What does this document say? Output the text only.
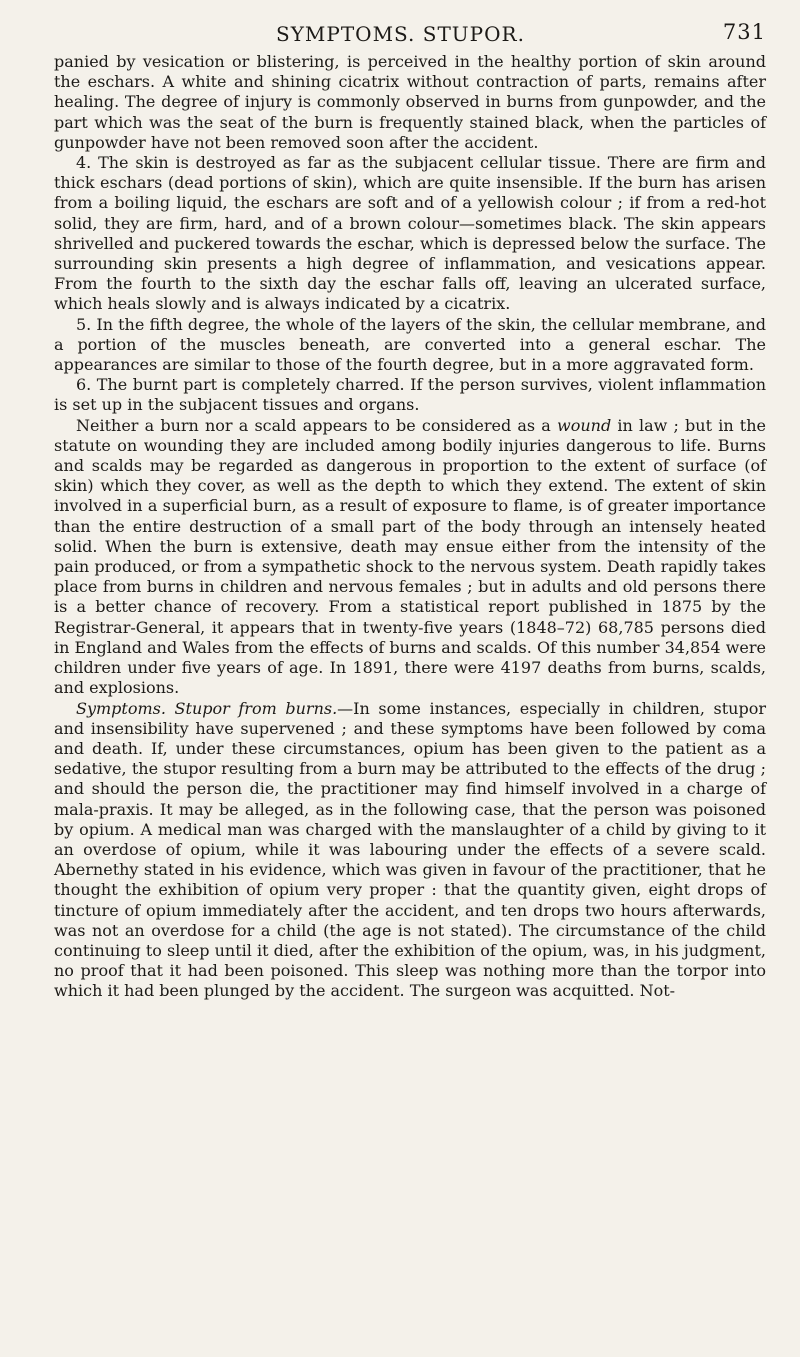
SYMPTOMS. STUPOR.	731

panied by vesication or blistering, is perceived in the healthy portion of skin around the eschars. A white and shining cicatrix without contraction of parts, remains after healing. The degree of injury is commonly observed in burns from gunpowder, and the part which was the seat of the burn is frequently stained black, when the particles of gunpowder have not been removed soon after the accident.

4. The skin is destroyed as far as the subjacent cellular tissue. There are firm and thick eschars (dead portions of skin), which are quite insensible. If the burn has arisen from a boiling liquid, the eschars are soft and of a yellowish colour ; if from a red-hot solid, they are firm, hard, and of a brown colour—sometimes black. The skin appears shrivelled and puckered towards the eschar, which is depressed below the surface. The surrounding skin presents a high degree of inflammation, and vesications appear. From the fourth to the sixth day the eschar falls off, leaving an ulcerated surface, which heals slowly and is always indicated by a cicatrix.

5. In the fifth degree, the whole of the layers of the skin, the cellular membrane, and a portion of the muscles beneath, are converted into a general eschar. The appearances are similar to those of the fourth degree, but in a more aggravated form.

6. The burnt part is completely charred. If the person survives, violent inflammation is set up in the subjacent tissues and organs.

Neither a burn nor a scald appears to be considered as a wound in law ; but in the statute on wounding they are included among bodily injuries dangerous to life. Burns and scalds may be regarded as dangerous in proportion to the extent of surface (of skin) which they cover, as well as the depth to which they extend. The extent of skin involved in a superficial burn, as a result of exposure to flame, is of greater importance than the entire destruction of a small part of the body through an intensely heated solid. When the burn is extensive, death may ensue either from the intensity of the pain produced, or from a sympathetic shock to the nervous system. Death rapidly takes place from burns in children and nervous females ; but in adults and old persons there is a better chance of recovery. From a statistical report published in 1875 by the Registrar-General, it appears that in twenty-five years (1848–72) 68,785 persons died in England and Wales from the effects of burns and scalds. Of this number 34,854 were children under five years of age. In 1891, there were 4197 deaths from burns, scalds, and explosions.

Symptoms. Stupor from burns.—In some instances, especially in children, stupor and insensibility have supervened ; and these symptoms have been followed by coma and death. If, under these circumstances, opium has been given to the patient as a sedative, the stupor resulting from a burn may be attributed to the effects of the drug ; and should the person die, the practitioner may find himself involved in a charge of mala-praxis. It may be alleged, as in the following case, that the person was poisoned by opium. A medical man was charged with the manslaughter of a child by giving to it an overdose of opium, while it was labouring under the effects of a severe scald. Abernethy stated in his evidence, which was given in favour of the practitioner, that he thought the exhibition of opium very proper : that the quantity given, eight drops of tincture of opium immediately after the accident, and ten drops two hours afterwards, was not an overdose for a child (the age is not stated). The circumstance of the child continuing to sleep until it died, after the exhibition of the opium, was, in his judgment, no proof that it had been poisoned. This sleep was nothing more than the torpor into which it had been plunged by the accident. The surgeon was acquitted. Not-
